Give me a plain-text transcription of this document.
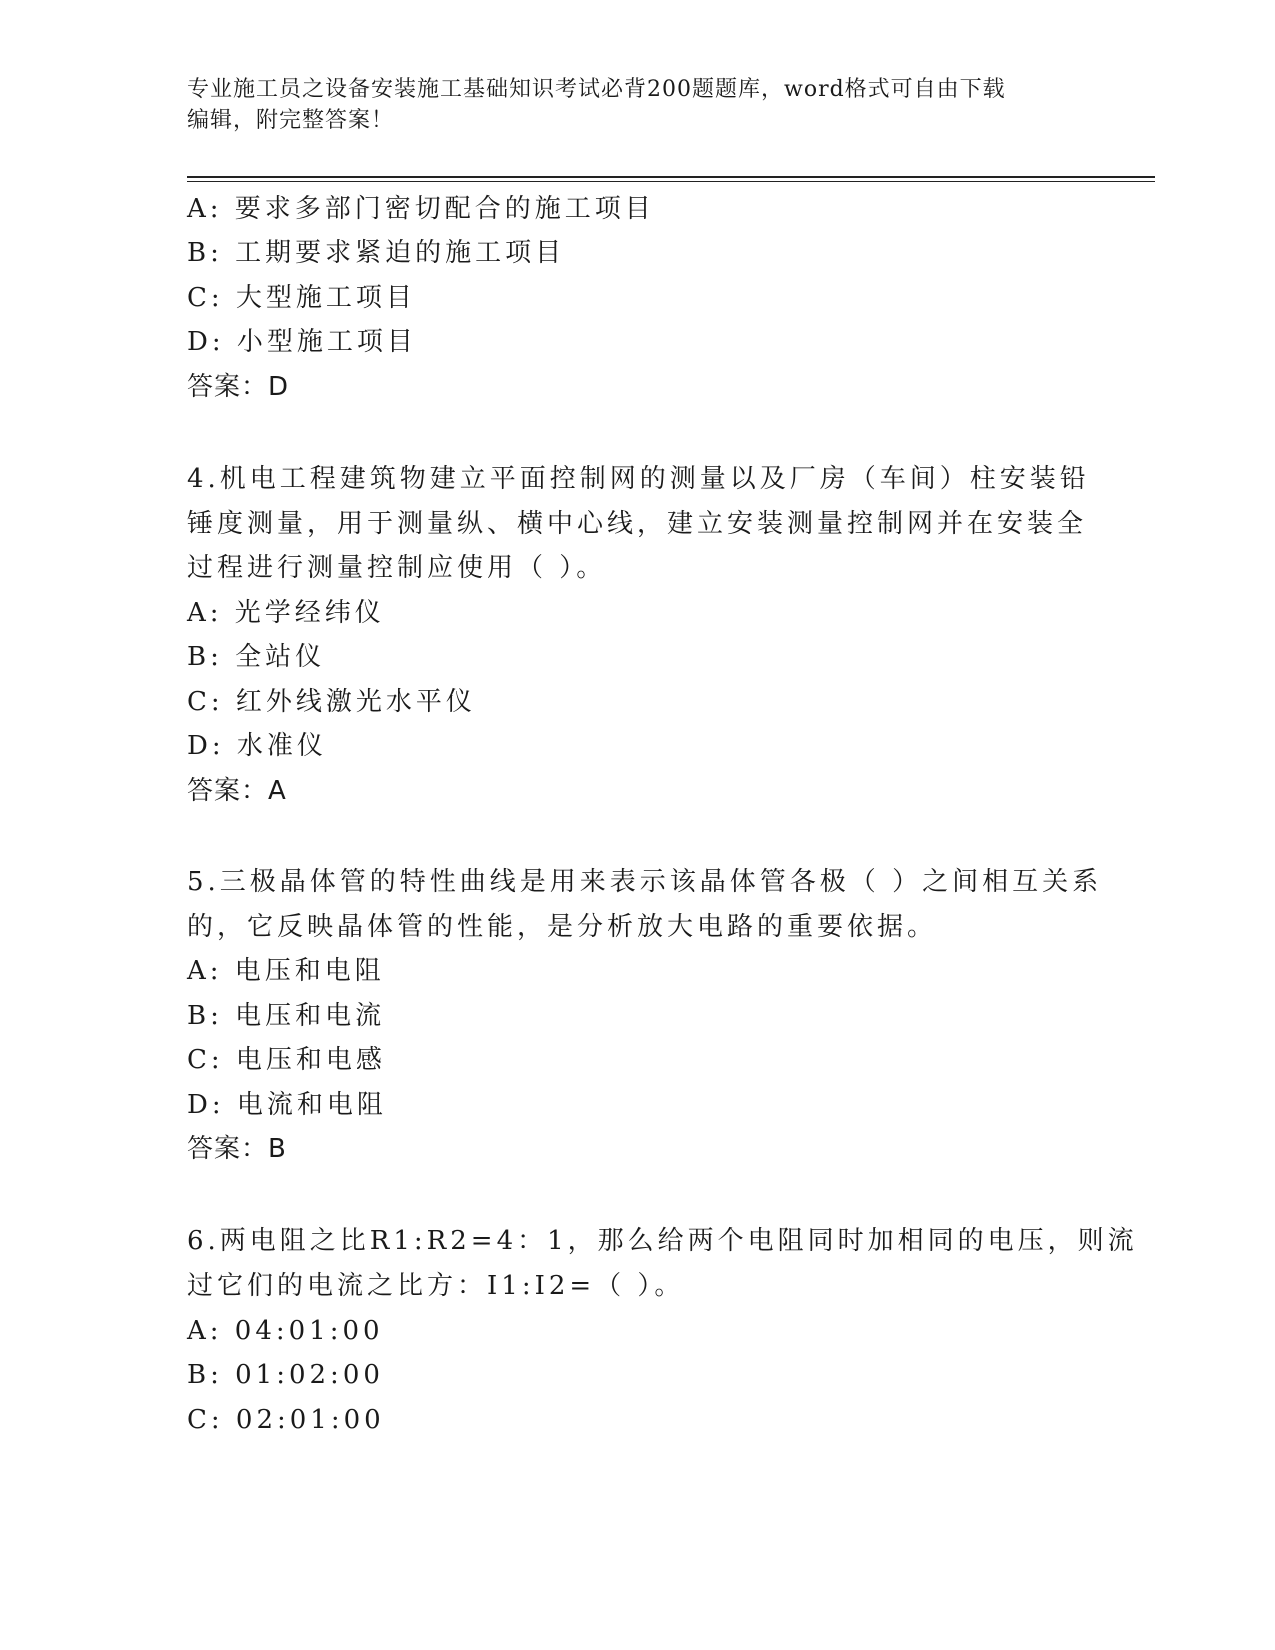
专业施工员之设备安装施工基础知识考试必背200题题库，word格式可自由下载
编辑，附完整答案！
A: 要求多部门密切配合的施工项目
B: 工期要求紧迫的施工项目
C: 大型施工项目
D: 小型施工项目
答案：D
4.机电工程建筑物建立平面控制网的测量以及厂房（车间）柱安装铅
锤度测量，用于测量纵、横中心线，建立安装测量控制网并在安装全
过程进行测量控制应使用（ ）。
A: 光学经纬仪
B: 全站仪
C: 红外线激光水平仪
D: 水准仪
答案：A
5.三极晶体管的特性曲线是用来表示该晶体管各极（ ）之间相互关系
的，它反映晶体管的性能，是分析放大电路的重要依据。
A: 电压和电阻
B: 电压和电流
C: 电压和电感
D: 电流和电阻
答案：B
6.两电阻之比R1:R2=4：1，那么给两个电阻同时加相同的电压，则流
过它们的电流之比方：I1:I2=（ ）。
A: 04:01:00
B: 01:02:00
C: 02:01:00
